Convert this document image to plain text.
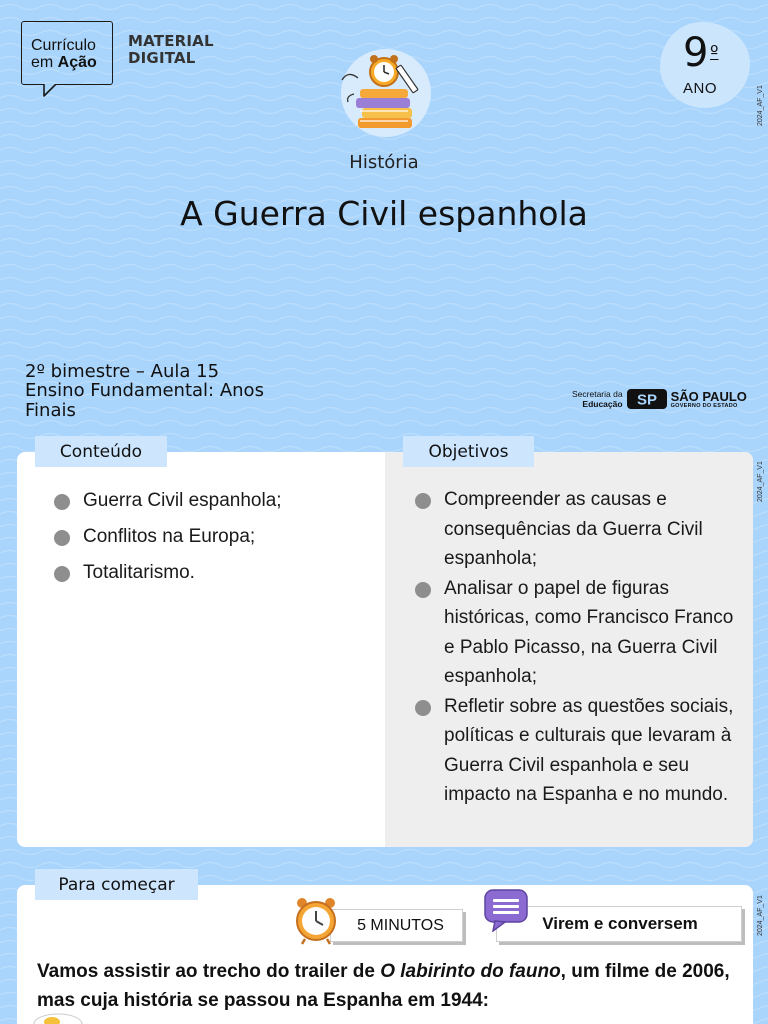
Currículo
em Ação
MATERIAL
DIGITAL	9 º
ANO	2024_AF_V1
2024_AF_V1
2024_AF_V1
História
A Guerra Civil espanhola
2º bimestre – Aula 15
Ensino Fundamental: Anos
Finais
Secretaria da
Educação SP SÃO PAULO
GOVERNO DO ESTADO
Conteúdo	Objetivos
Guerra Civil espanhola;
Conflitos na Europa;
Totalitarismo.
Compreender as causas e consequências da Guerra Civil espanhola;
Analisar o papel de figuras históricas, como Francisco Franco e Pablo Picasso, na Guerra Civil espanhola;
Refletir sobre as questões sociais, políticas e culturais que levaram à Guerra Civil espanhola e seu impacto na Espanha e no mundo.
Para começar
5 MINUTOS	Virem e conversem
Vamos assistir ao trecho do trailer de O labirinto do fauno, um filme de 2006, mas cuja história se passou na Espanha em 1944:
